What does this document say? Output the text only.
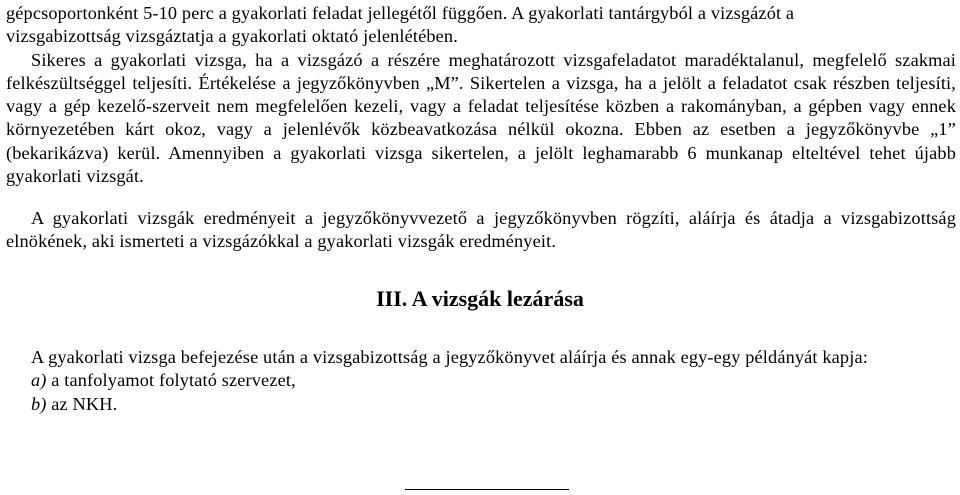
gépcsoportonként 5-10 perc a gyakorlati feladat jellegétől függően. A gyakorlati tantárgyból a vizsgázót a
vizsgabizottság vizsgáztatja a gyakorlati oktató jelenlétében.
Sikeres a gyakorlati vizsga, ha a vizsgázó a részére meghatározott vizsgafeladatot maradéktalanul, megfelelő szakmai felkészültséggel teljesíti. Értékelése a jegyzőkönyvben „M”. Sikertelen a vizsga, ha a jelölt a feladatot csak részben teljesíti, vagy a gép kezelő-szerveit nem megfelelően kezeli, vagy a feladat teljesítése közben a rakományban, a gépben vagy ennek környezetében kárt okoz, vagy a jelenlévők közbeavatkozása nélkül okozna. Ebben az esetben a jegyzőkönyvbe „1” (bekarikázva) kerül. Amennyiben a gyakorlati vizsga sikertelen, a jelölt leghamarabb 6 munkanap elteltével tehet újabb gyakorlati vizsgát.
A gyakorlati vizsgák eredményeit a jegyzőkönyvvezető a jegyzőkönyvben rögzíti, aláírja és átadja a vizsgabizottság elnökének, aki ismerteti a vizsgázókkal a gyakorlati vizsgák eredményeit.
III. A vizsgák lezárása
A gyakorlati vizsga befejezése után a vizsgabizottság a jegyzőkönyvet aláírja és annak egy-egy példányát kapja:
a) a tanfolyamot folytató szervezet,
b) az NKH.
